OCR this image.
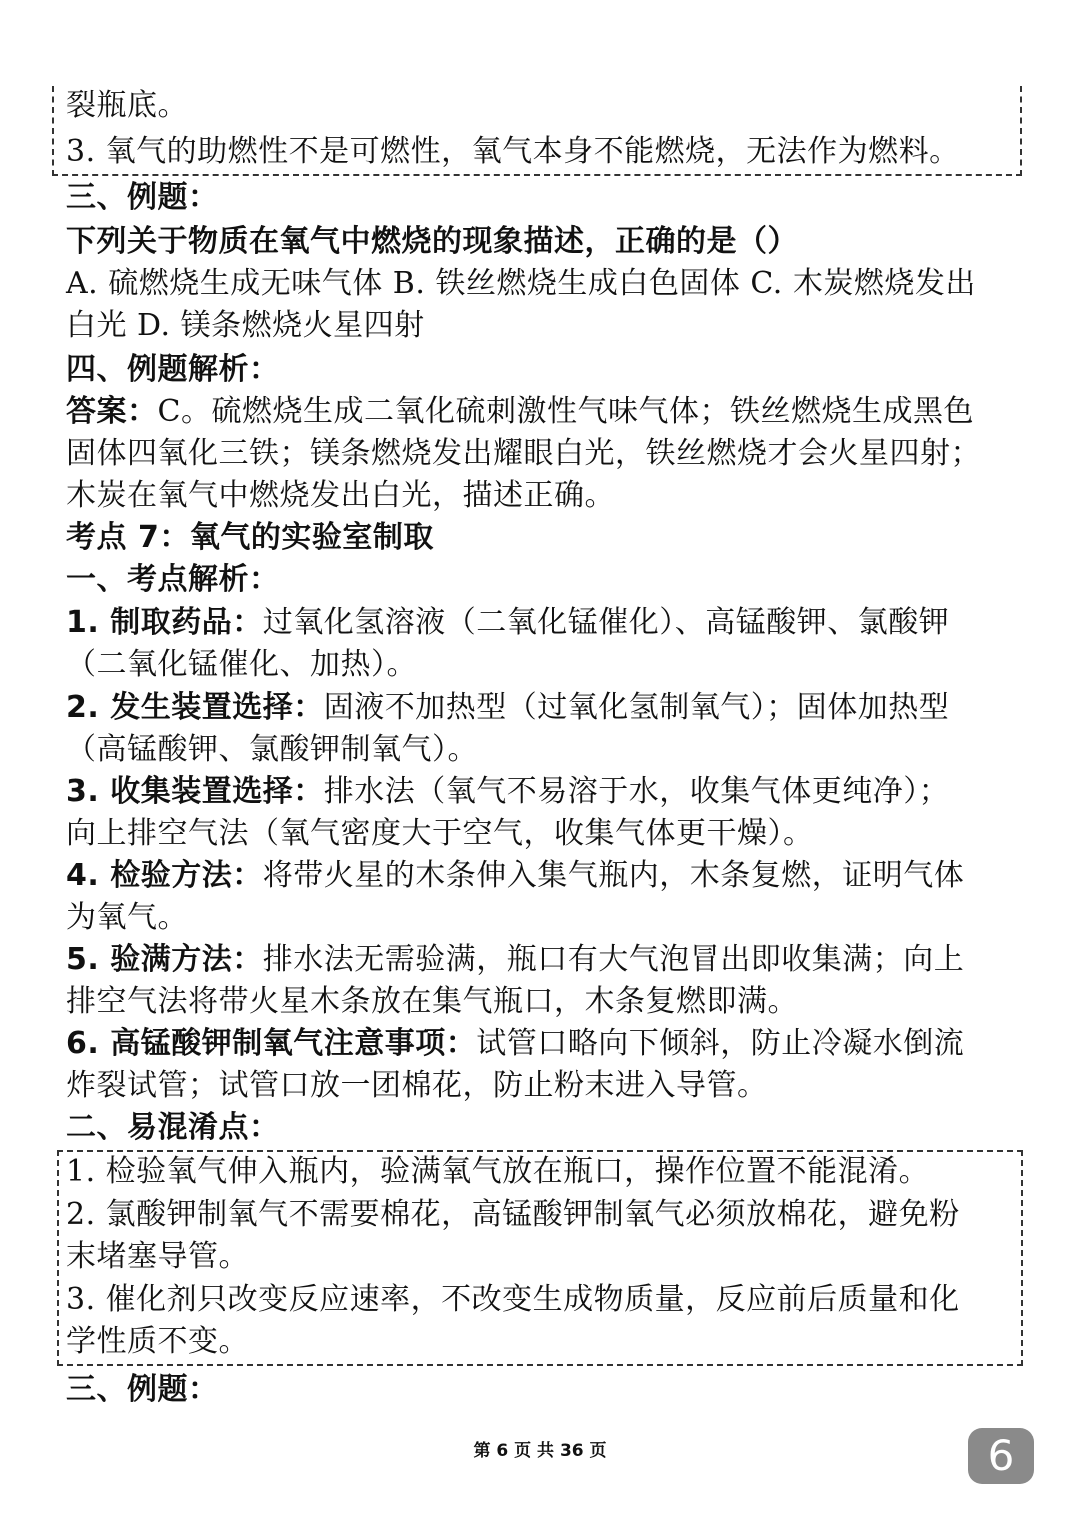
裂瓶底。
3. 氧气的助燃性不是可燃性，氧气本身不能燃烧，无法作为燃料。
三、例题：
下列关于物质在氧气中燃烧的现象描述，正确的是（）
A. 硫燃烧生成无味气体 B. 铁丝燃烧生成白色固体 C. 木炭燃烧发出
白光 D. 镁条燃烧火星四射
四、例题解析：
答案：C。硫燃烧生成二氧化硫刺激性气味气体；铁丝燃烧生成黑色
固体四氧化三铁；镁条燃烧发出耀眼白光，铁丝燃烧才会火星四射；
木炭在氧气中燃烧发出白光，描述正确。
考点 7：氧气的实验室制取
一、考点解析：
1. 制取药品：过氧化氢溶液（二氧化锰催化）、高锰酸钾、氯酸钾
（二氧化锰催化、加热）。
2. 发生装置选择：固液不加热型（过氧化氢制氧气）；固体加热型
（高锰酸钾、氯酸钾制氧气）。
3. 收集装置选择：排水法（氧气不易溶于水，收集气体更纯净）；
向上排空气法（氧气密度大于空气，收集气体更干燥）。
4. 检验方法：将带火星的木条伸入集气瓶内，木条复燃，证明气体
为氧气。
5. 验满方法：排水法无需验满，瓶口有大气泡冒出即收集满；向上
排空气法将带火星木条放在集气瓶口，木条复燃即满。
6. 高锰酸钾制氧气注意事项：试管口略向下倾斜，防止冷凝水倒流
炸裂试管；试管口放一团棉花，防止粉末进入导管。
二、易混淆点：
1. 检验氧气伸入瓶内，验满氧气放在瓶口，操作位置不能混淆。
2. 氯酸钾制氧气不需要棉花，高锰酸钾制氧气必须放棉花，避免粉
末堵塞导管。
3. 催化剂只改变反应速率，不改变生成物质量，反应前后质量和化
学性质不变。
三、例题：
第 6 页 共 36 页	6
